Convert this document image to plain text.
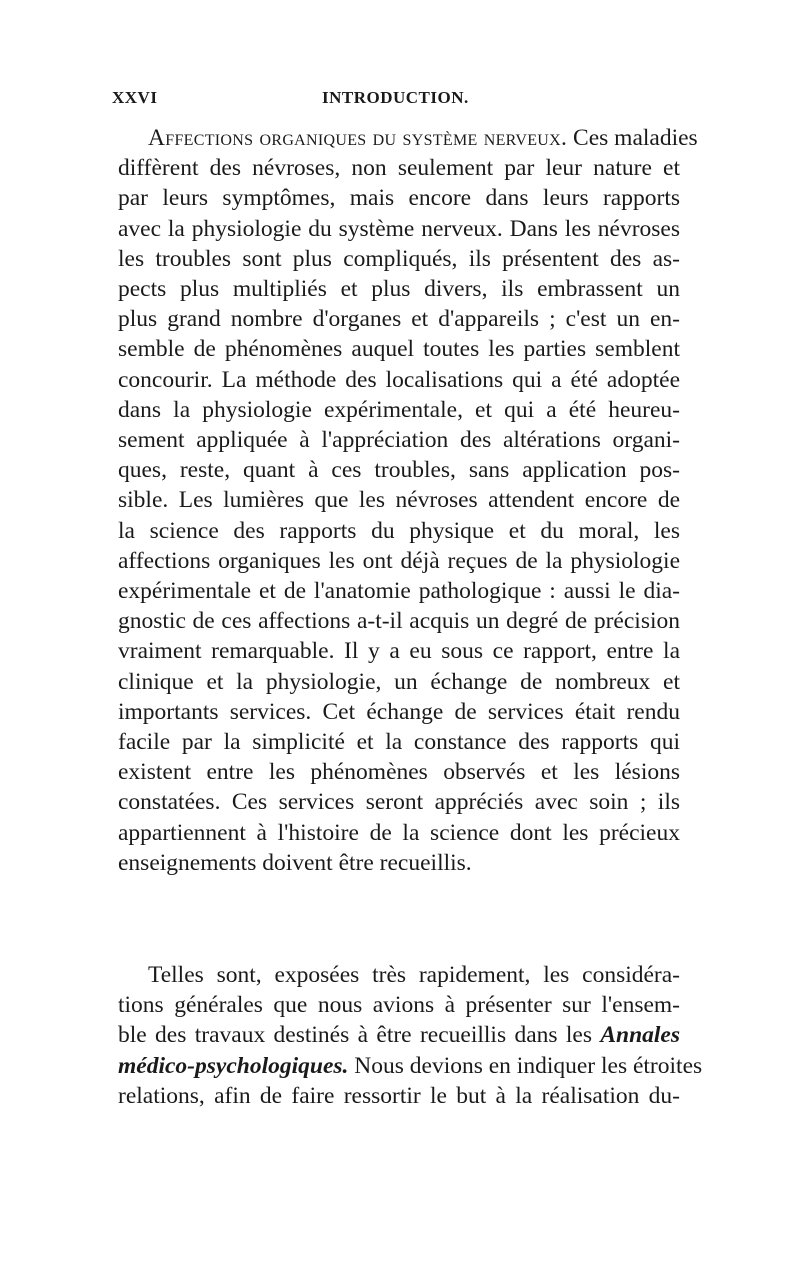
XXVI	INTRODUCTION.
Affections organiques du système nerveux. Ces maladies
diffèrent des névroses, non seulement par leur nature et
par leurs symptômes, mais encore dans leurs rapports
avec la physiologie du système nerveux. Dans les névroses
les troubles sont plus compliqués, ils présentent des as-
pects plus multipliés et plus divers, ils embrassent un
plus grand nombre d'organes et d'appareils ; c'est un en-
semble de phénomènes auquel toutes les parties semblent
concourir. La méthode des localisations qui a été adoptée
dans la physiologie expérimentale, et qui a été heureu-
sement appliquée à l'appréciation des altérations organi-
ques, reste, quant à ces troubles, sans application pos-
sible. Les lumières que les névroses attendent encore de
la science des rapports du physique et du moral, les
affections organiques les ont déjà reçues de la physiologie
expérimentale et de l'anatomie pathologique : aussi le dia-
gnostic de ces affections a-t-il acquis un degré de précision
vraiment remarquable. Il y a eu sous ce rapport, entre la
clinique et la physiologie, un échange de nombreux et
importants services. Cet échange de services était rendu
facile par la simplicité et la constance des rapports qui
existent entre les phénomènes observés et les lésions
constatées. Ces services seront appréciés avec soin ; ils
appartiennent à l'histoire de la science dont les précieux
enseignements doivent être recueillis.
Telles sont, exposées très rapidement, les considéra-
tions générales que nous avions à présenter sur l'ensem-
ble des travaux destinés à être recueillis dans les Annales
médico-psychologiques. Nous devions en indiquer les étroites
relations, afin de faire ressortir le but à la réalisation du-
